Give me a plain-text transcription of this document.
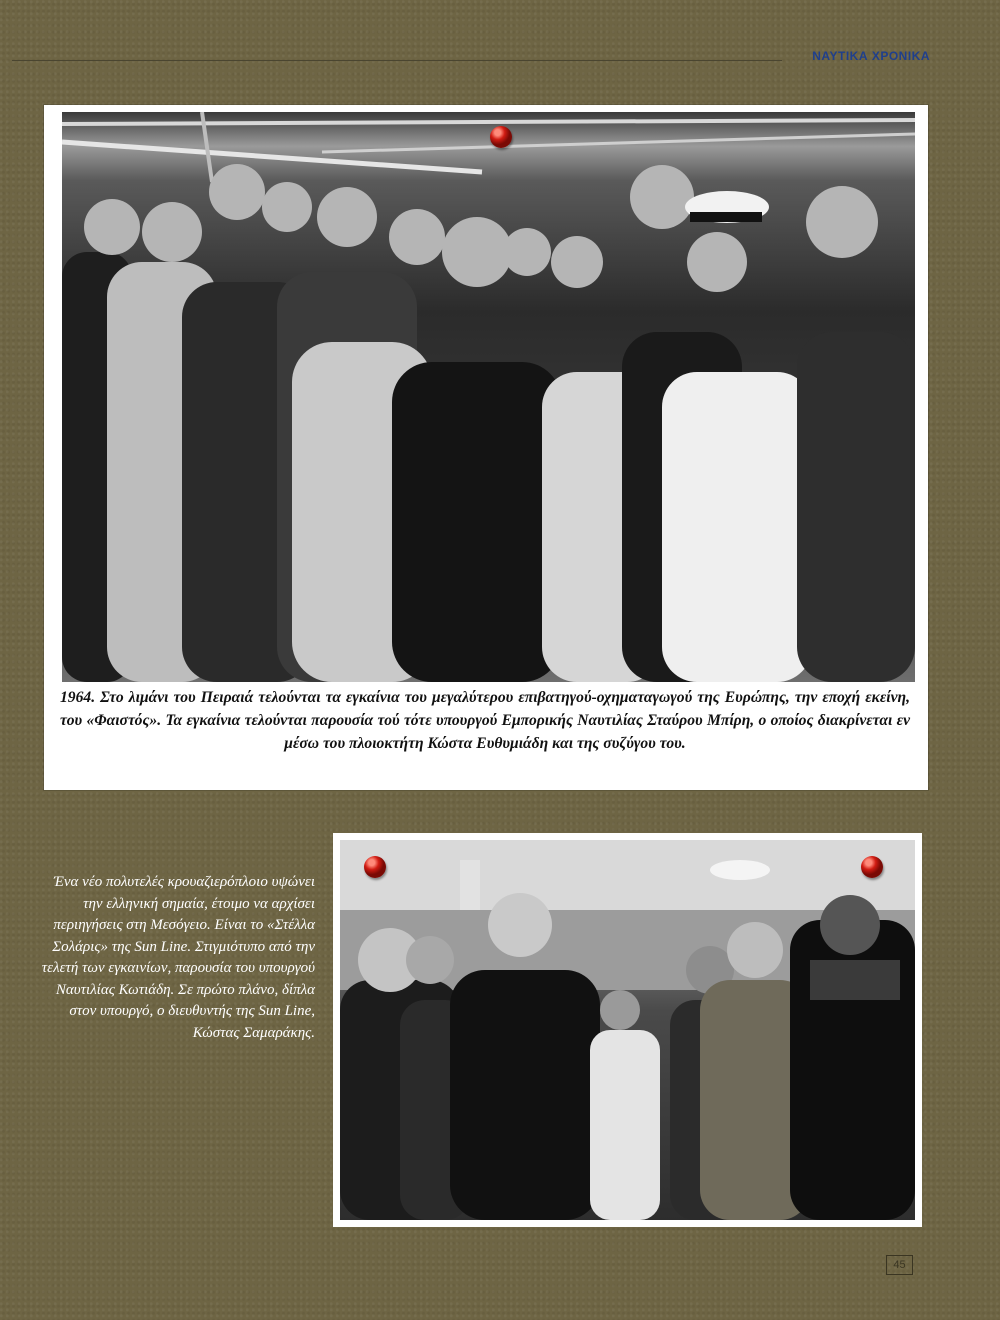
ΝΑΥΤΙΚΑ ΧΡΟΝΙΚΑ

1964. Στο λιμάνι του Πειραιά τελούνται τα εγκαίνια του μεγαλύτερου επιβατηγού-οχηματαγωγού της Ευρώπης, την εποχή εκείνη, του «Φαιστός». Τα εγκαίνια τελούνται παρουσία τού τότε υπουργού Εμπορικής Ναυτιλίας Σταύρου Μπίρη, ο οποίος διακρίνεται εν μέσω του πλοιοκτήτη Κώστα Ευθυμιάδη και της συζύγου του.

Ένα νέο πολυτελές κρουαζιερόπλοιο υψώνει την ελληνική σημαία, έτοιμο να αρχίσει περιηγήσεις στη Μεσόγειο. Είναι το «Στέλλα Σολάρις» της Sun Line. Στιγμιότυπο από την τελετή των εγκαινίων, παρουσία του υπουργού Ναυτιλίας Κωτιάδη. Σε πρώτο πλάνο, δίπλα στον υπουργό, ο διευθυντής της Sun Line, Κώστας Σαμαράκης.

45
